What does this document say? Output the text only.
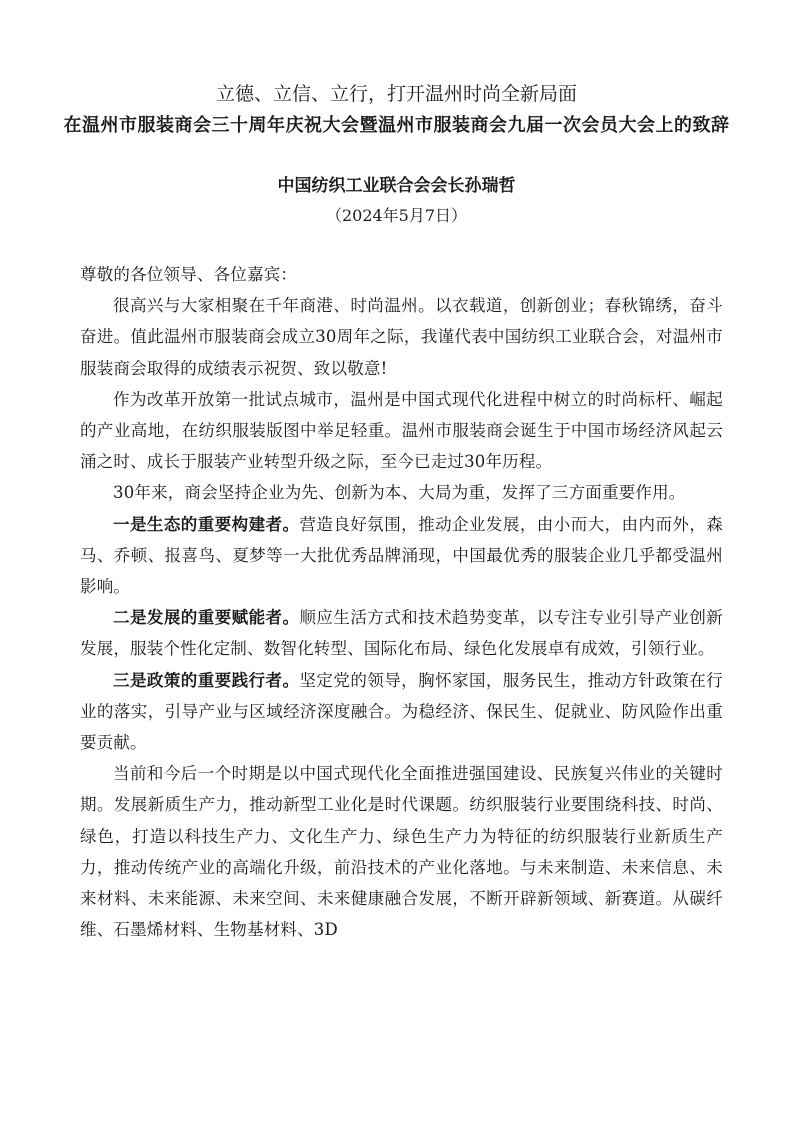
立德、立信、立行，打开温州时尚全新局面
在温州市服装商会三十周年庆祝大会暨温州市服装商会九届一次会员大会上的致辞
中国纺织工业联合会会长孙瑞哲
（2024年5月7日）

尊敬的各位领导、各位嘉宾：

很高兴与大家相聚在千年商港、时尚温州。以衣载道，创新创业；春秋锦绣，奋斗奋进。值此温州市服装商会成立30周年之际，我谨代表中国纺织工业联合会，对温州市服装商会取得的成绩表示祝贺、致以敬意!

作为改革开放第一批试点城市，温州是中国式现代化进程中树立的时尚标杆、崛起的产业高地，在纺织服装版图中举足轻重。温州市服装商会诞生于中国市场经济风起云涌之时、成长于服装产业转型升级之际，至今已走过30年历程。

30年来，商会坚持企业为先、创新为本、大局为重，发挥了三方面重要作用。

一是生态的重要构建者。营造良好氛围，推动企业发展，由小而大，由内而外，森马、乔顿、报喜鸟、夏梦等一大批优秀品牌涌现，中国最优秀的服装企业几乎都受温州影响。

二是发展的重要赋能者。顺应生活方式和技术趋势变革，以专注专业引导产业创新发展，服装个性化定制、数智化转型、国际化布局、绿色化发展卓有成效，引领行业。

三是政策的重要践行者。坚定党的领导，胸怀家国，服务民生，推动方针政策在行业的落实，引导产业与区域经济深度融合。为稳经济、保民生、促就业、防风险作出重要贡献。

当前和今后一个时期是以中国式现代化全面推进强国建设、民族复兴伟业的关键时期。发展新质生产力，推动新型工业化是时代课题。纺织服装行业要围绕科技、时尚、绿色，打造以科技生产力、文化生产力、绿色生产力为特征的纺织服装行业新质生产力，推动传统产业的高端化升级，前沿技术的产业化落地。与未来制造、未来信息、未来材料、未来能源、未来空间、未来健康融合发展，不断开辟新领域、新赛道。从碳纤维、石墨烯材料、生物基材料、3D
